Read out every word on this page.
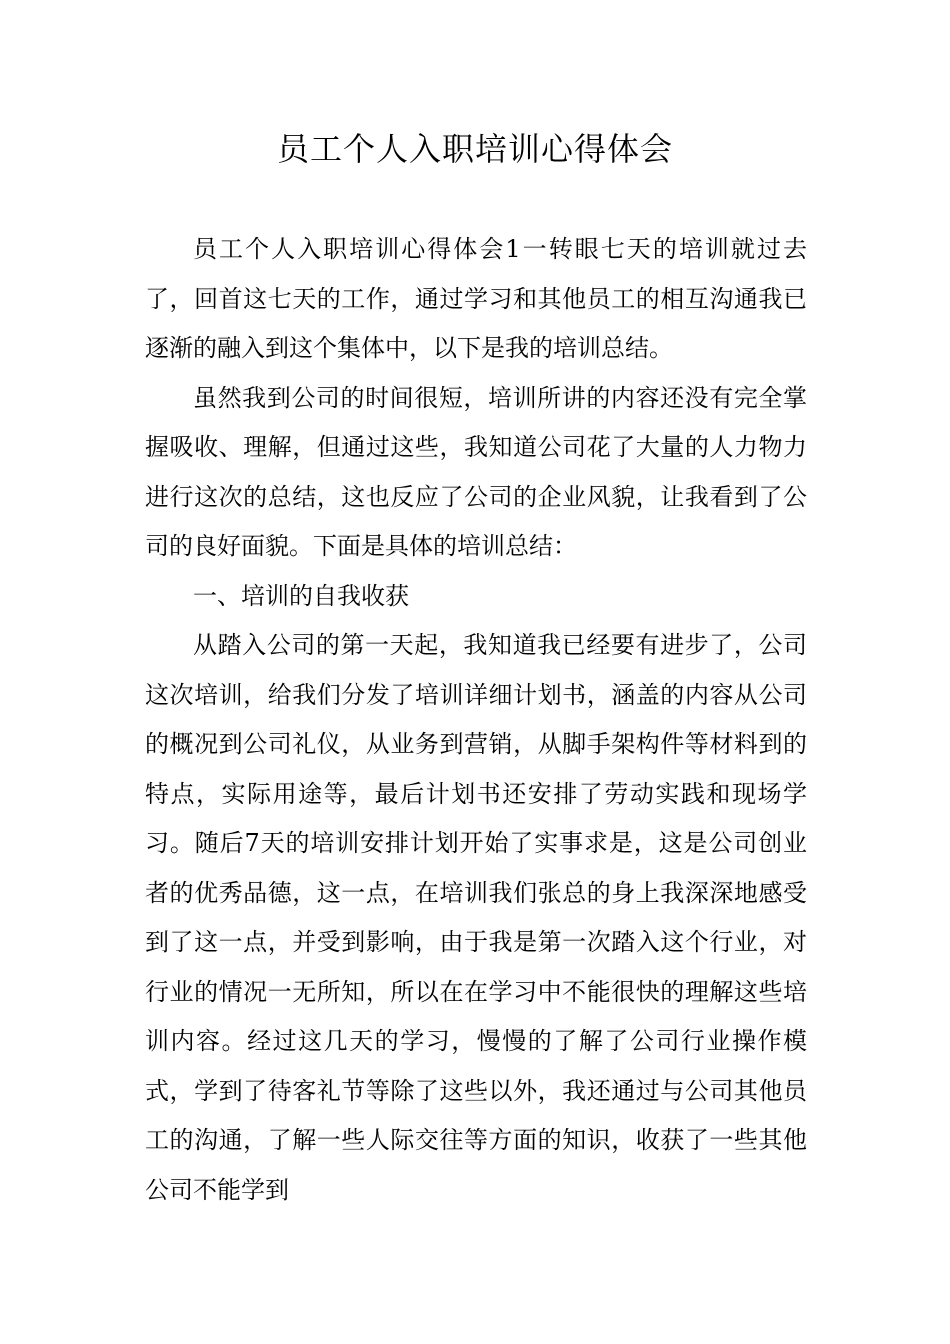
员工个人入职培训心得体会

员工个人入职培训心得体会1一转眼七天的培训就过去了，回首这七天的工作，通过学习和其他员工的相互沟通我已逐渐的融入到这个集体中，以下是我的培训总结。

虽然我到公司的时间很短，培训所讲的内容还没有完全掌握吸收、理解，但通过这些，我知道公司花了大量的人力物力进行这次的总结，这也反应了公司的企业风貌，让我看到了公司的良好面貌。下面是具体的培训总结：

一、培训的自我收获

从踏入公司的第一天起，我知道我已经要有进步了，公司这次培训，给我们分发了培训详细计划书，涵盖的内容从公司的概况到公司礼仪，从业务到营销，从脚手架构件等材料到的特点，实际用途等，最后计划书还安排了劳动实践和现场学习。随后7天的培训安排计划开始了实事求是，这是公司创业者的优秀品德，这一点，在培训我们张总的身上我深深地感受到了这一点，并受到影响，由于我是第一次踏入这个行业，对行业的情况一无所知，所以在在学习中不能很快的理解这些培训内容。经过这几天的学习，慢慢的了解了公司行业操作模式，学到了待客礼节等除了这些以外，我还通过与公司其他员工的沟通，了解一些人际交往等方面的知识，收获了一些其他公司不能学到
